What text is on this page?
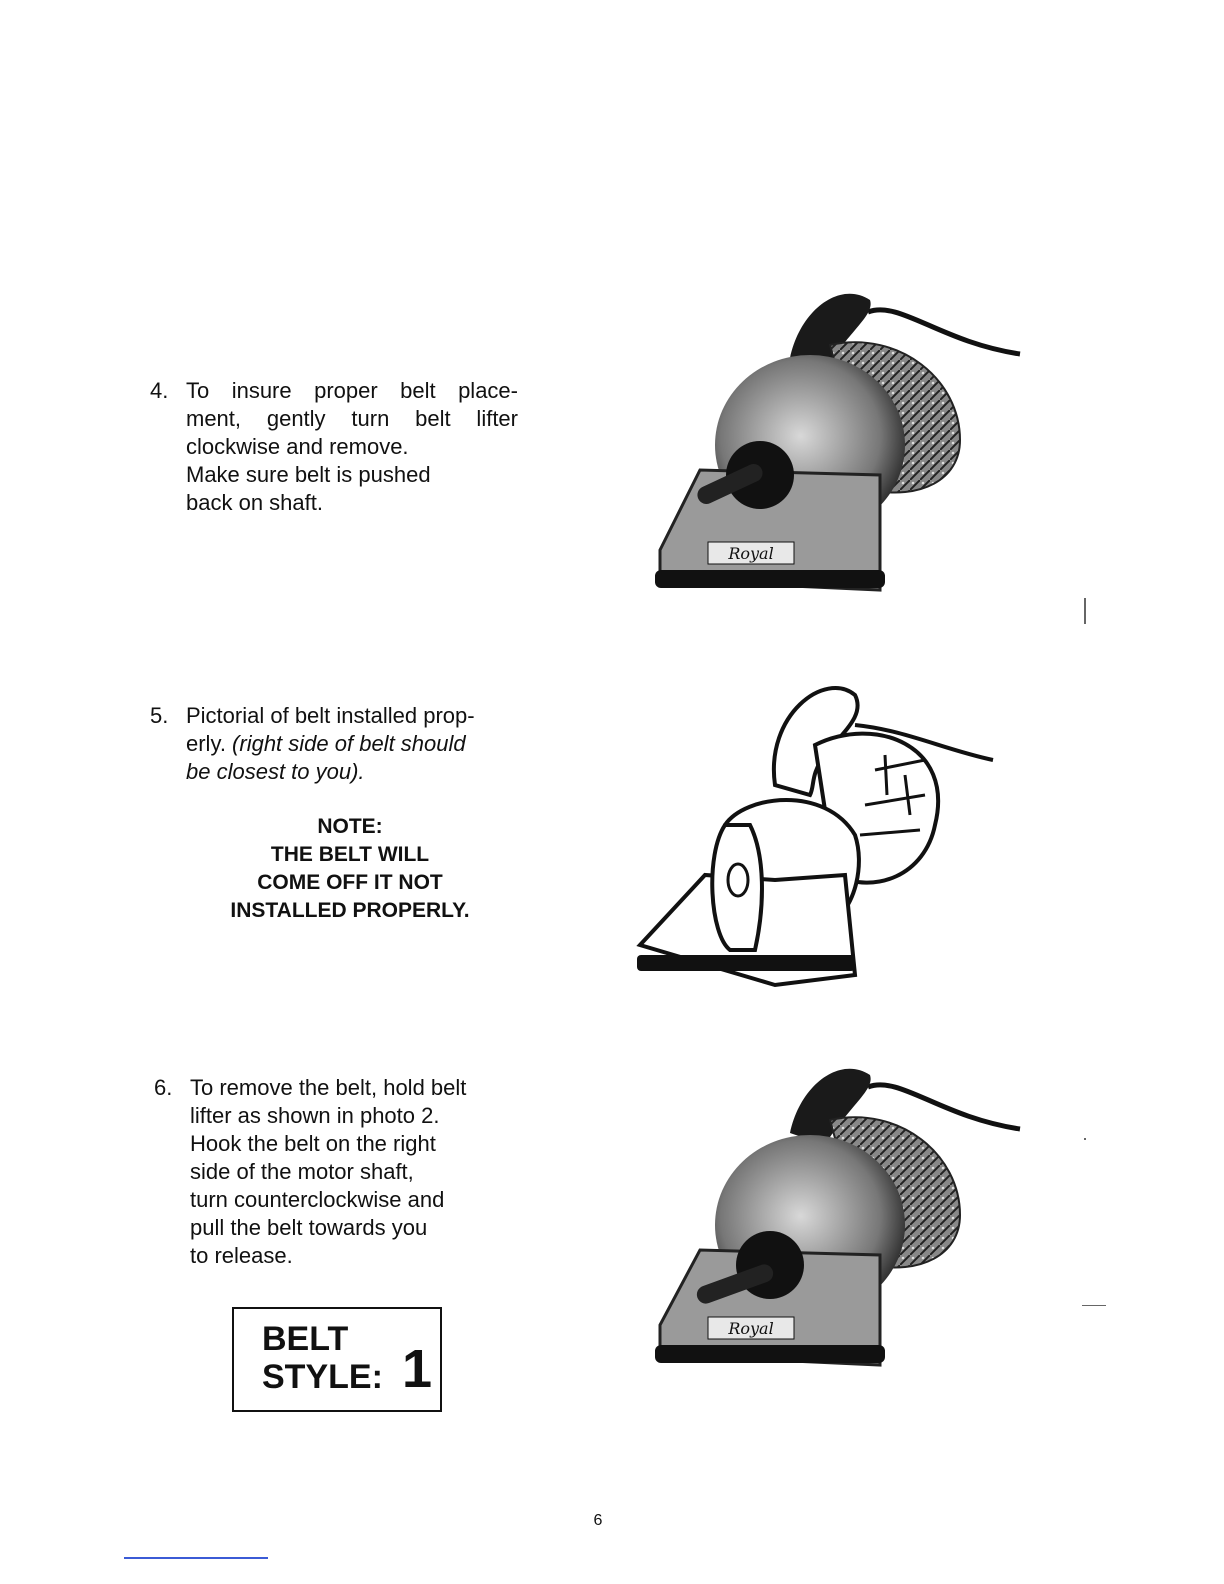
4. To insure proper belt place-
ment, gently turn belt lifter
clockwise and remove.
Make sure belt is pushed
back on shaft.
5. Pictorial of belt installed prop-
erly. (right side of belt should
be closest to you).
NOTE:
THE BELT WILL
COME OFF IT NOT
INSTALLED PROPERLY.
6. To remove the belt, hold belt
lifter as shown in photo 2.
Hook the belt on the right
side of the motor shaft,
turn counterclockwise and
pull the belt towards you
to release.
BELT
STYLE: 1
Royal
Royal
6
